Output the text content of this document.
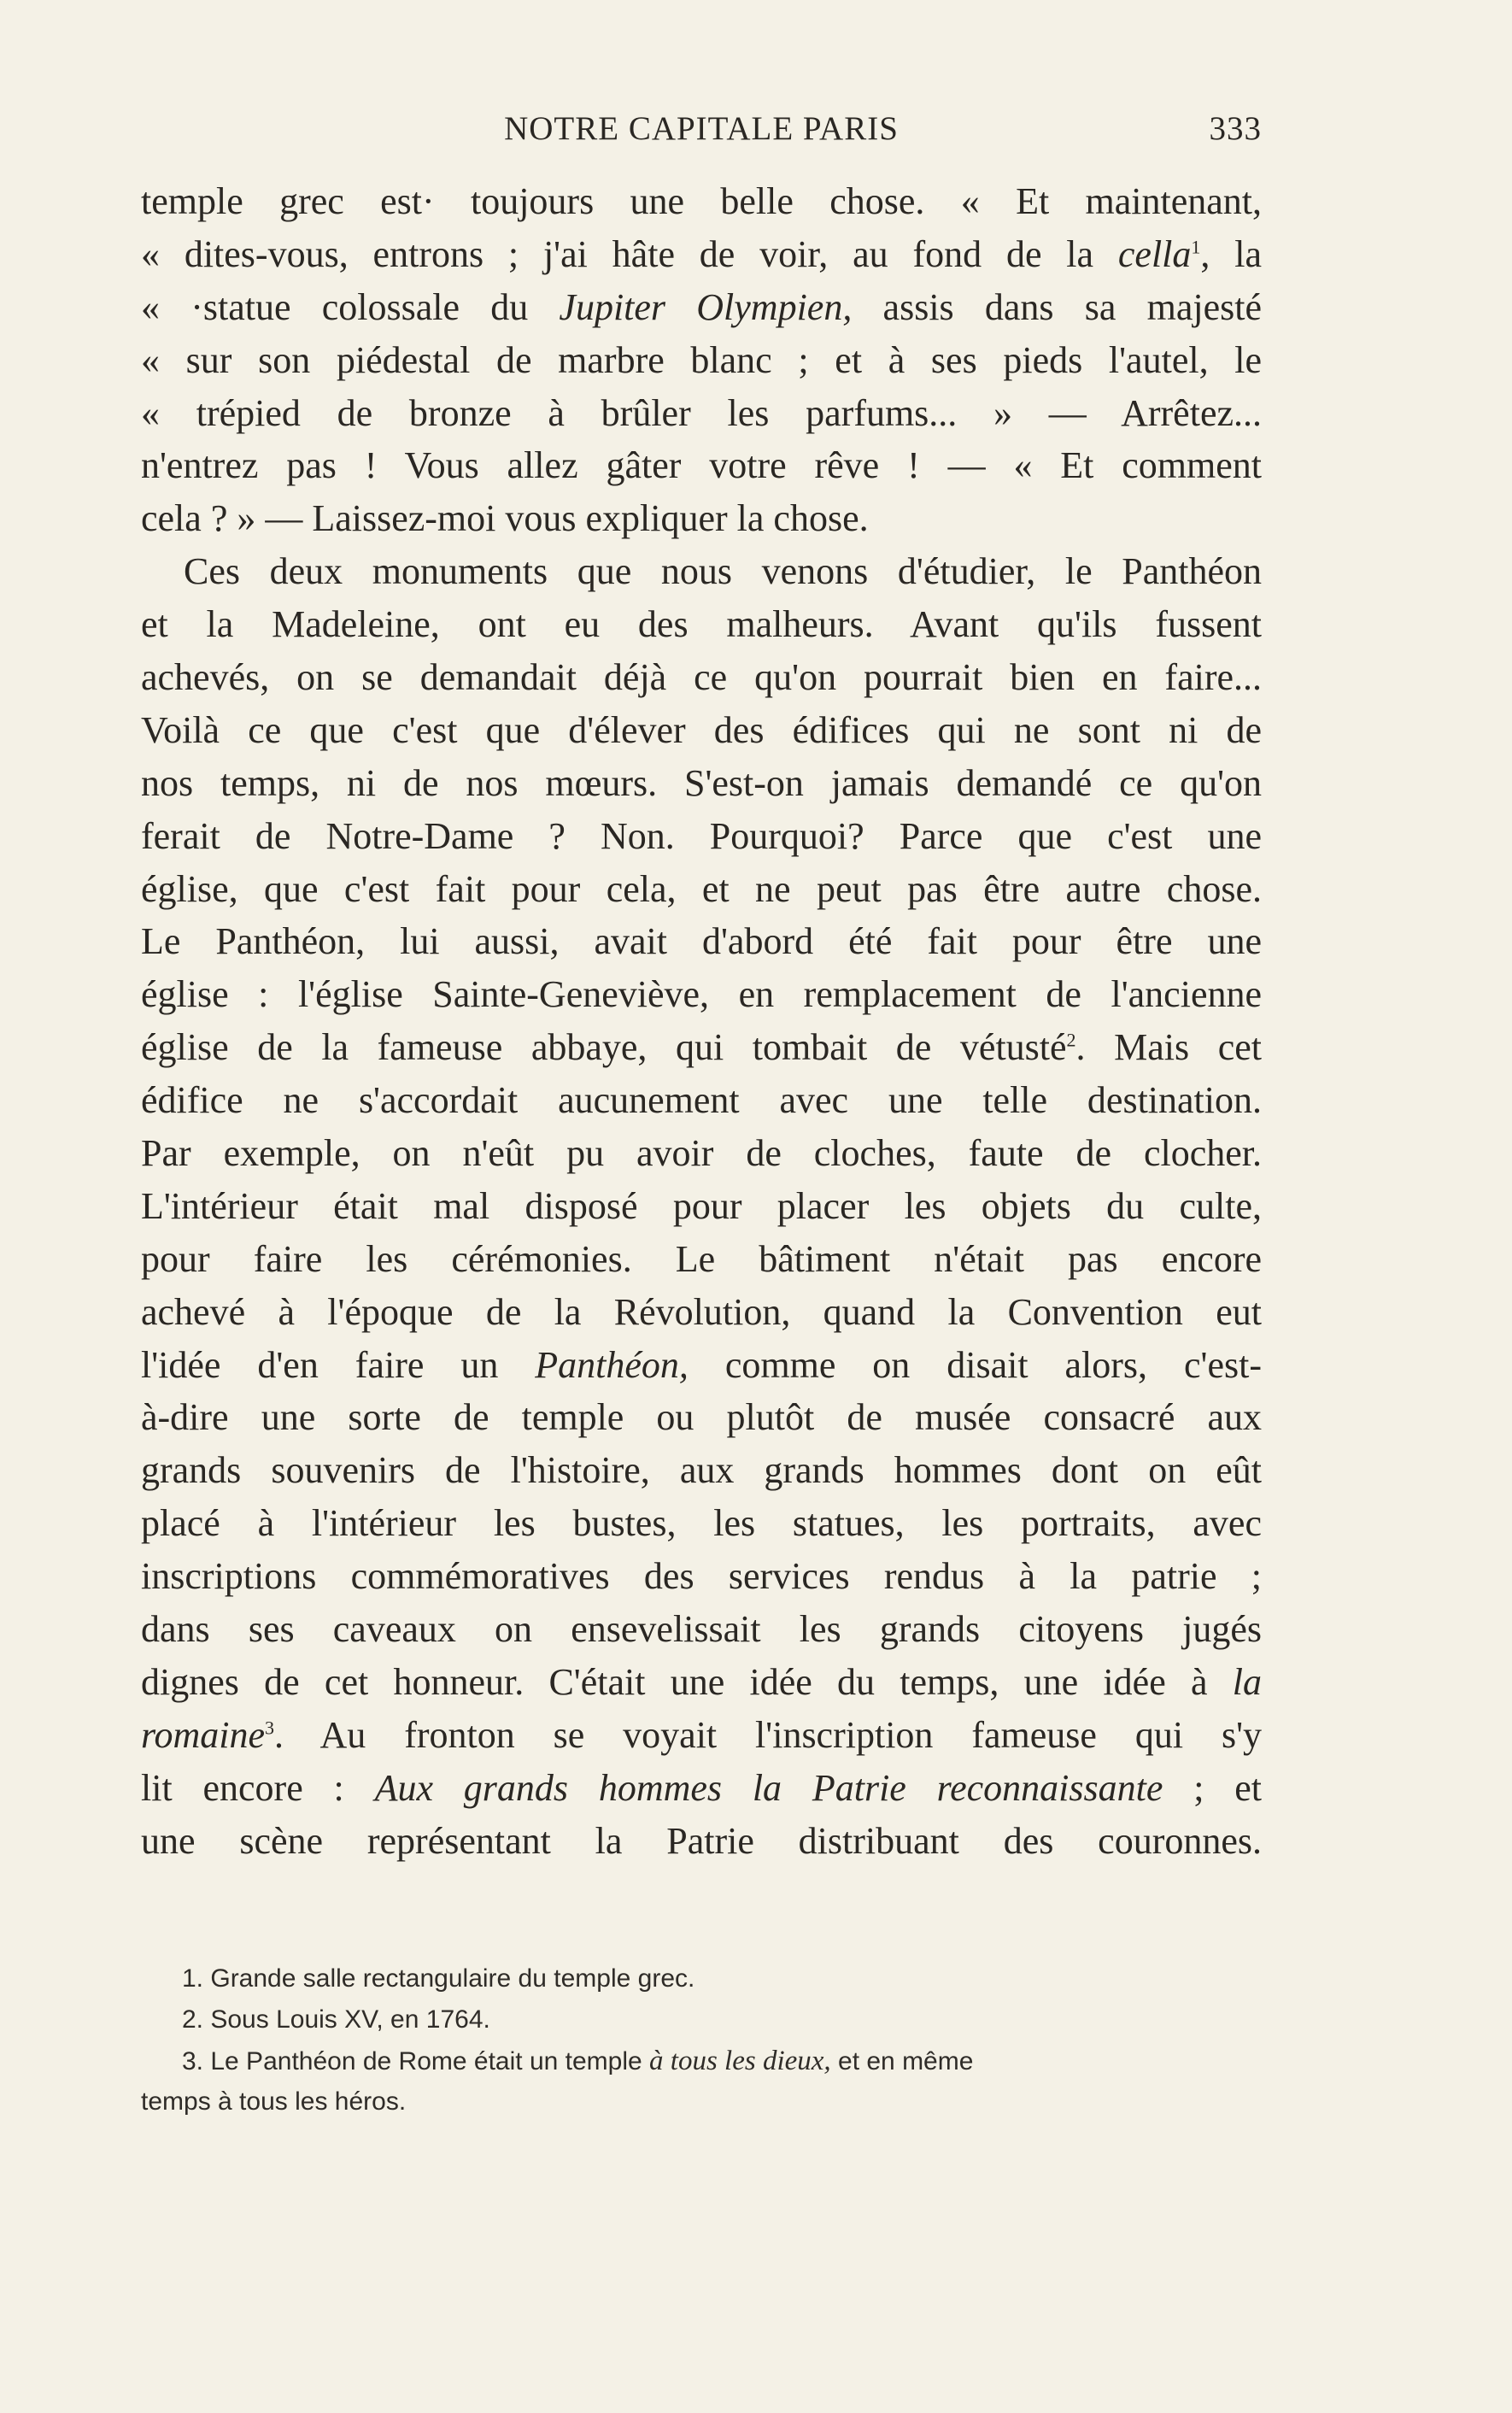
NOTRE CAPITALE PARIS	333
temple grec est· toujours une belle chose. « Et maintenant,
« dites-vous, entrons ; j'ai hâte de voir, au fond de la cella$^1$, la
« ·statue colossale du Jupiter Olympien, assis dans sa majesté
« sur son piédestal de marbre blanc ; et à ses pieds l'autel, le
« trépied de bronze à brûler les parfums... » — Arrêtez...
n'entrez pas ! Vous allez gâter votre rêve ! — « Et comment
cela ? » — Laissez-moi vous expliquer la chose.
Ces deux monuments que nous venons d'étudier, le Panthéon
et la Madeleine, ont eu des malheurs. Avant qu'ils fussent
achevés, on se demandait déjà ce qu'on pourrait bien en faire...
Voilà ce que c'est que d'élever des édifices qui ne sont ni de
nos temps, ni de nos mœurs. S'est-on jamais demandé ce qu'on
ferait de Notre-Dame ? Non. Pourquoi? Parce que c'est une
église, que c'est fait pour cela, et ne peut pas être autre chose.
Le Panthéon, lui aussi, avait d'abord été fait pour être une
église : l'église Sainte-Geneviève, en remplacement de l'ancienne
église de la fameuse abbaye, qui tombait de vétusté$^2$. Mais cet
édifice ne s'accordait aucunement avec une telle destination.
Par exemple, on n'eût pu avoir de cloches, faute de clocher.
L'intérieur était mal disposé pour placer les objets du culte,
pour faire les cérémonies. Le bâtiment n'était pas encore
achevé à l'époque de la Révolution, quand la Convention eut
l'idée d'en faire un Panthéon, comme on disait alors, c'est-
à-dire une sorte de temple ou plutôt de musée consacré aux
grands souvenirs de l'histoire, aux grands hommes dont on eût
placé à l'intérieur les bustes, les statues, les portraits, avec
inscriptions commémoratives des services rendus à la patrie ;
dans ses caveaux on ensevelissait les grands citoyens jugés
dignes de cet honneur. C'était une idée du temps, une idée à la
romaine$^3$. Au fronton se voyait l'inscription fameuse qui s'y
lit encore : Aux grands hommes la Patrie reconnaissante ; et
une scène représentant la Patrie distribuant des couronnes.
1. Grande salle rectangulaire du temple grec.
2. Sous Louis XV, en 1764.
3. Le Panthéon de Rome était un temple à tous les dieux, et en même
temps à tous les héros.
